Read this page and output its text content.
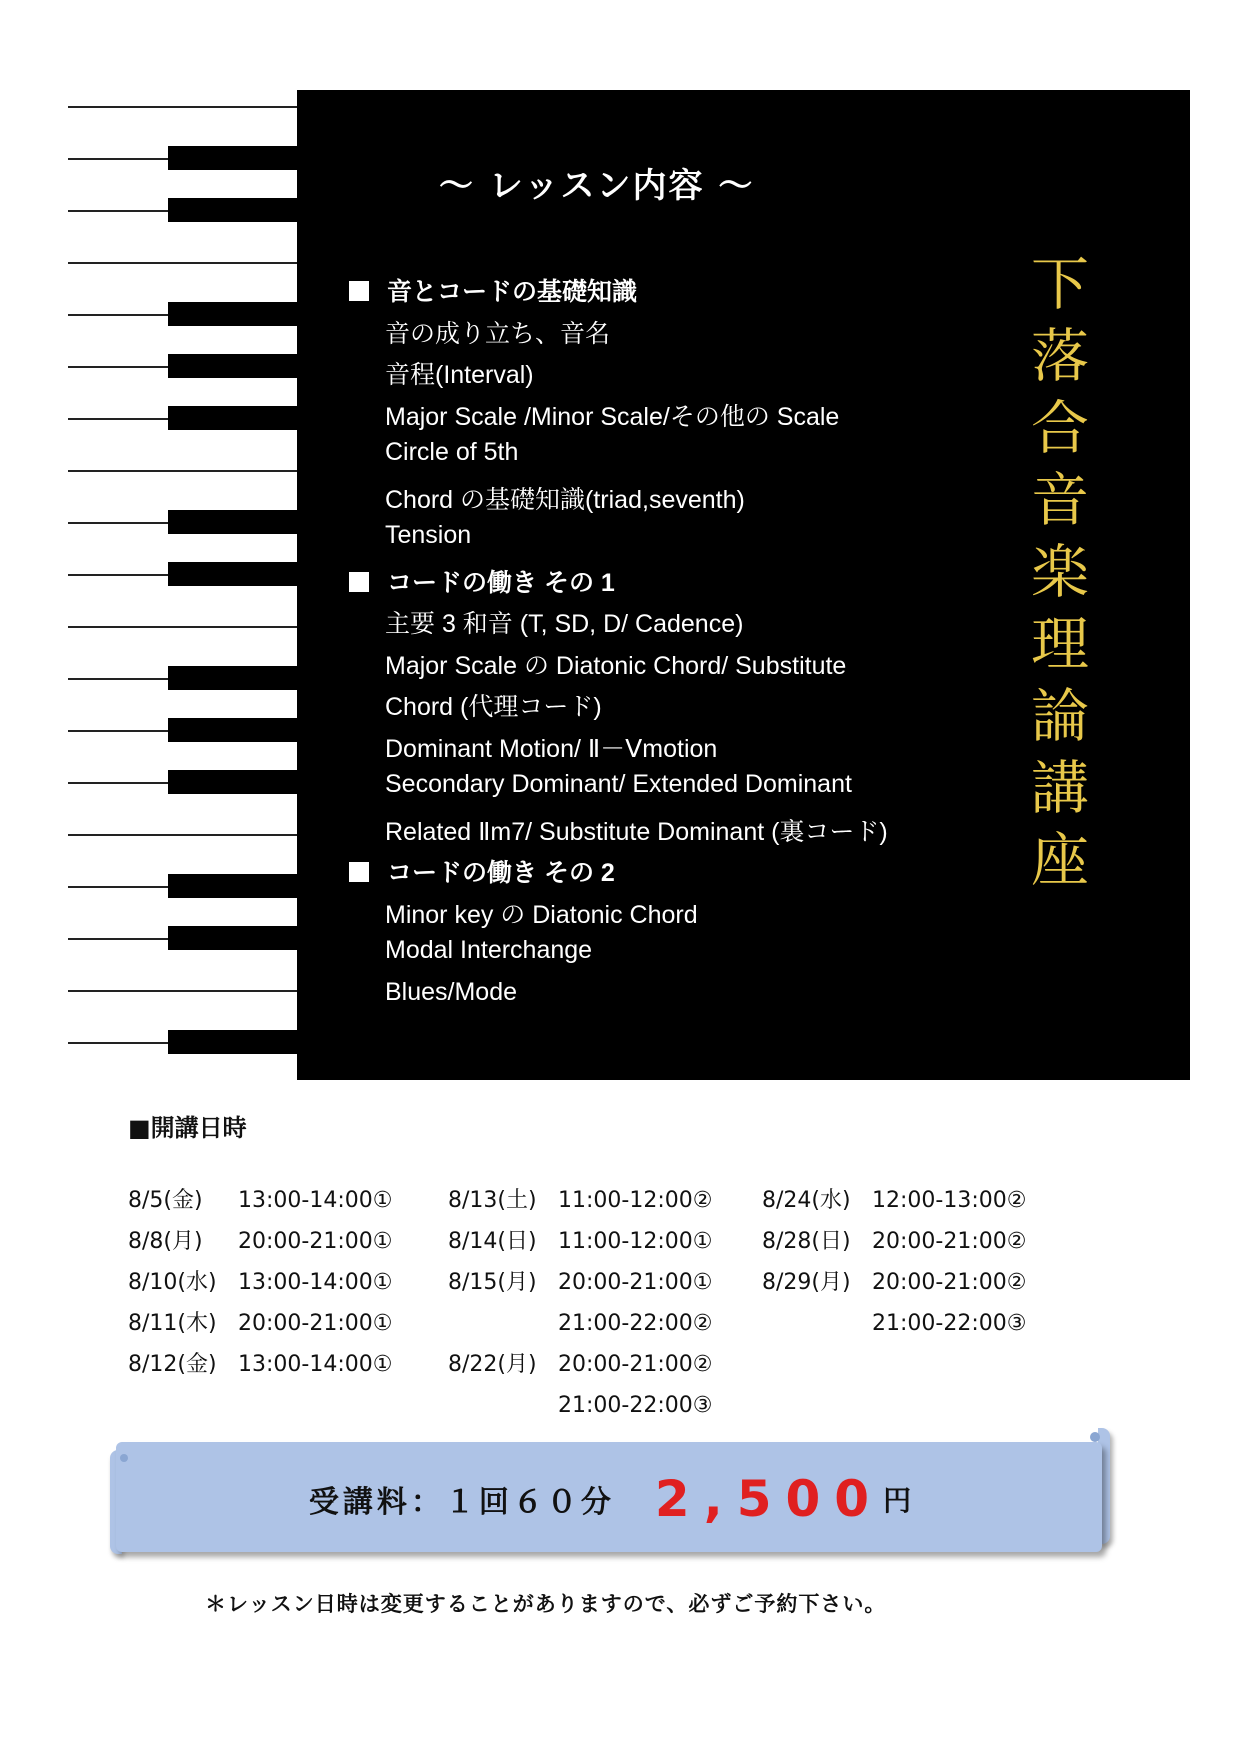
～ レッスン内容 ～
音とコードの基礎知識
音の成り立ち、音名
音程(Interval)
Major Scale /Minor Scale/その他の Scale
Circle of 5th
Chord の基礎知識(triad,seventh)
Tension
コードの働き その 1
主要 3 和音 (T, SD, D/ Cadence)
Major Scale の Diatonic Chord/ Substitute
Chord (代理コード)
Dominant Motion/ Ⅱ－Ⅴmotion
Secondary Dominant/ Extended Dominant
Related Ⅱm7/ Substitute Dominant (裏コード)
コードの働き その 2
Minor key の Diatonic Chord
Modal Interchange
Blues/Mode
下
落
合
音
楽
理
論
講
座
■開講日時
8/5(金) 13:00-14:00①
8/8(月) 20:00-21:00①
8/10(水) 13:00-14:00①
8/11(木) 20:00-21:00①
8/12(金) 13:00-14:00①
8/13(土) 11:00-12:00②
8/14(日) 11:00-12:00①
8/15(月) 20:00-21:00①
21:00-22:00②
8/22(月) 20:00-21:00②
21:00-22:00③
8/24(水) 12:00-13:00②
8/28(日) 20:00-21:00②
8/29(月) 20:00-21:00②
21:00-22:00③
受講料：１回６０分 2,500円
＊レッスン日時は変更することがありますので、必ずご予約下さい。
